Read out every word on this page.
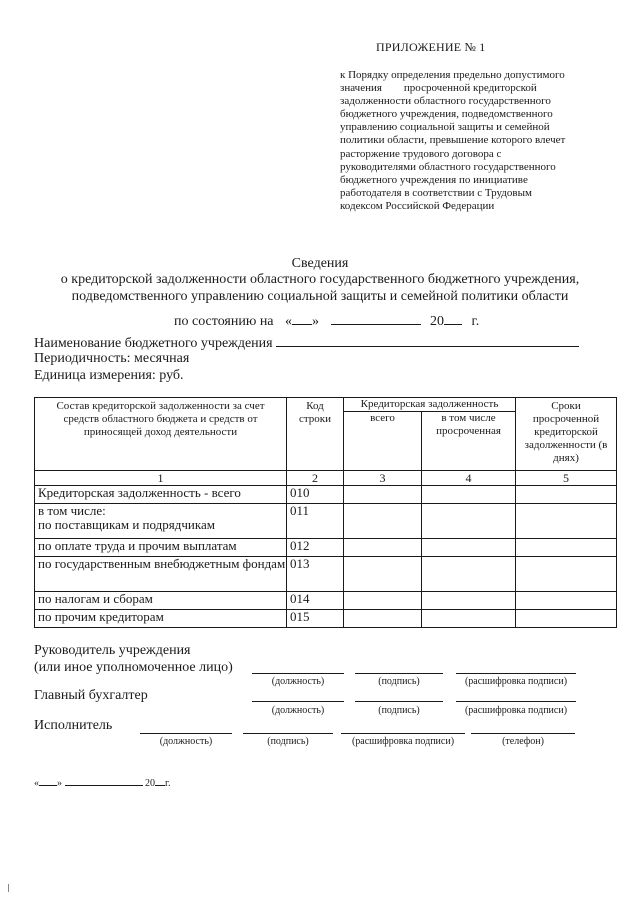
ПРИЛОЖЕНИЕ № 1
к Порядку определения предельно допустимого
значения        просроченной кредиторской
задолженности областного государственного
бюджетного учреждения, подведомственного
управлению социальной защиты и семейной
политики области, превышение которого влечет
расторжение трудового договора с
руководителями областного государственного
бюджетного учреждения по инициативе
работодателя в соответствии с Трудовым
кодексом Российской Федерации
Сведения
о кредиторской задолженности областного государственного бюджетного учреждения,
подведомственного управлению социальной защиты и семейной политики области
по состоянию на « »	20 г.
Наименование бюджетного учреждения
Периодичность: месячная
Единица измерения: руб.
Состав кредиторской задолженности за счет средств областного бюджета и средств от приносящей доход деятельности	Код строки	Кредиторская задолженность		Сроки просроченной кредиторской задолженности (в днях)
		всего	в том числе просроченная	
1	2	3	4	5
Кредиторская задолженность - всего	010			
в том числе:
по поставщикам и подрядчикам	011			
по оплате труда и прочим выплатам	012			
по государственным внебюджетным фондам	013			
по налогам и сборам	014			
по прочим кредиторам	015			
Руководитель учреждения
(или иное уполномоченное лицо)
(должность)	(подпись)	(расшифровка подписи)
Главный бухгалтер
(должность)	(подпись)	(расшифровка подписи)
Исполнитель
(должность)	(подпись)	(расшифровка подписи)	(телефон)
« »	20 г.
